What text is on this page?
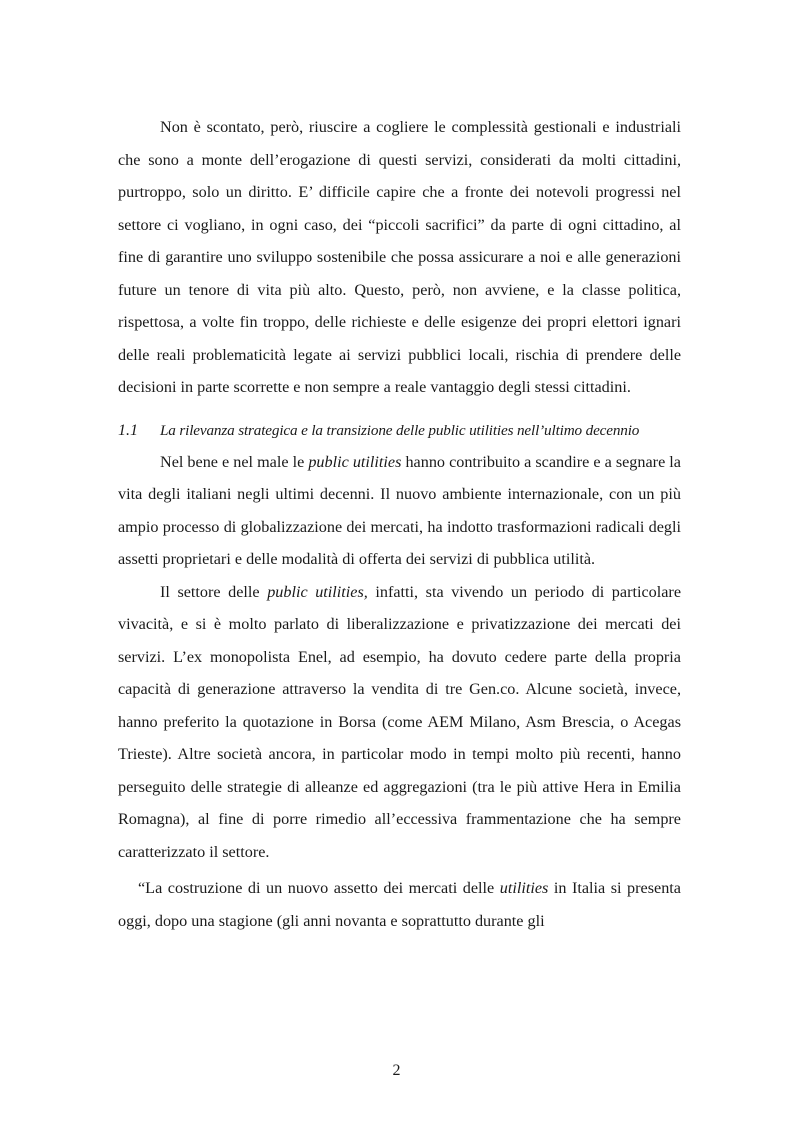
Non è scontato, però, riuscire a cogliere le complessità gestionali e industriali che sono a monte dell’erogazione di questi servizi, considerati da molti cittadini, purtroppo, solo un diritto. E’ difficile capire che a fronte dei notevoli progressi nel settore ci vogliano, in ogni caso, dei “piccoli sacrifici” da parte di ogni cittadino, al fine di garantire uno sviluppo sostenibile che possa assicurare a noi e alle generazioni future un tenore di vita più alto. Questo, però, non avviene, e la classe politica, rispettosa, a volte fin troppo, delle richieste e delle esigenze dei propri elettori ignari delle reali problematicità legate ai servizi pubblici locali, rischia di prendere delle decisioni in parte scorrette e non sempre a reale vantaggio degli stessi cittadini.

1.1	La rilevanza strategica e la transizione delle public utilities nell’ultimo decennio

Nel bene e nel male le public utilities hanno contribuito a scandire e a segnare la vita degli italiani negli ultimi decenni. Il nuovo ambiente internazionale, con un più ampio processo di globalizzazione dei mercati, ha indotto trasformazioni radicali degli assetti proprietari e delle modalità di offerta dei servizi di pubblica utilità.

Il settore delle public utilities, infatti, sta vivendo un periodo di particolare vivacità, e si è molto parlato di liberalizzazione e privatizzazione dei mercati dei servizi. L’ex monopolista Enel, ad esempio, ha dovuto cedere parte della propria capacità di generazione attraverso la vendita di tre Gen.co. Alcune società, invece, hanno preferito la quotazione in Borsa (come AEM Milano, Asm Brescia, o Acegas Trieste). Altre società ancora, in particolar modo in tempi molto più recenti, hanno perseguito delle strategie di alleanze ed aggregazioni (tra le più attive Hera in Emilia Romagna), al fine di porre rimedio all’eccessiva frammentazione che ha sempre caratterizzato il settore.

“La costruzione di un nuovo assetto dei mercati delle utilities in Italia si presenta oggi, dopo una stagione (gli anni novanta e soprattutto durante gli

2
